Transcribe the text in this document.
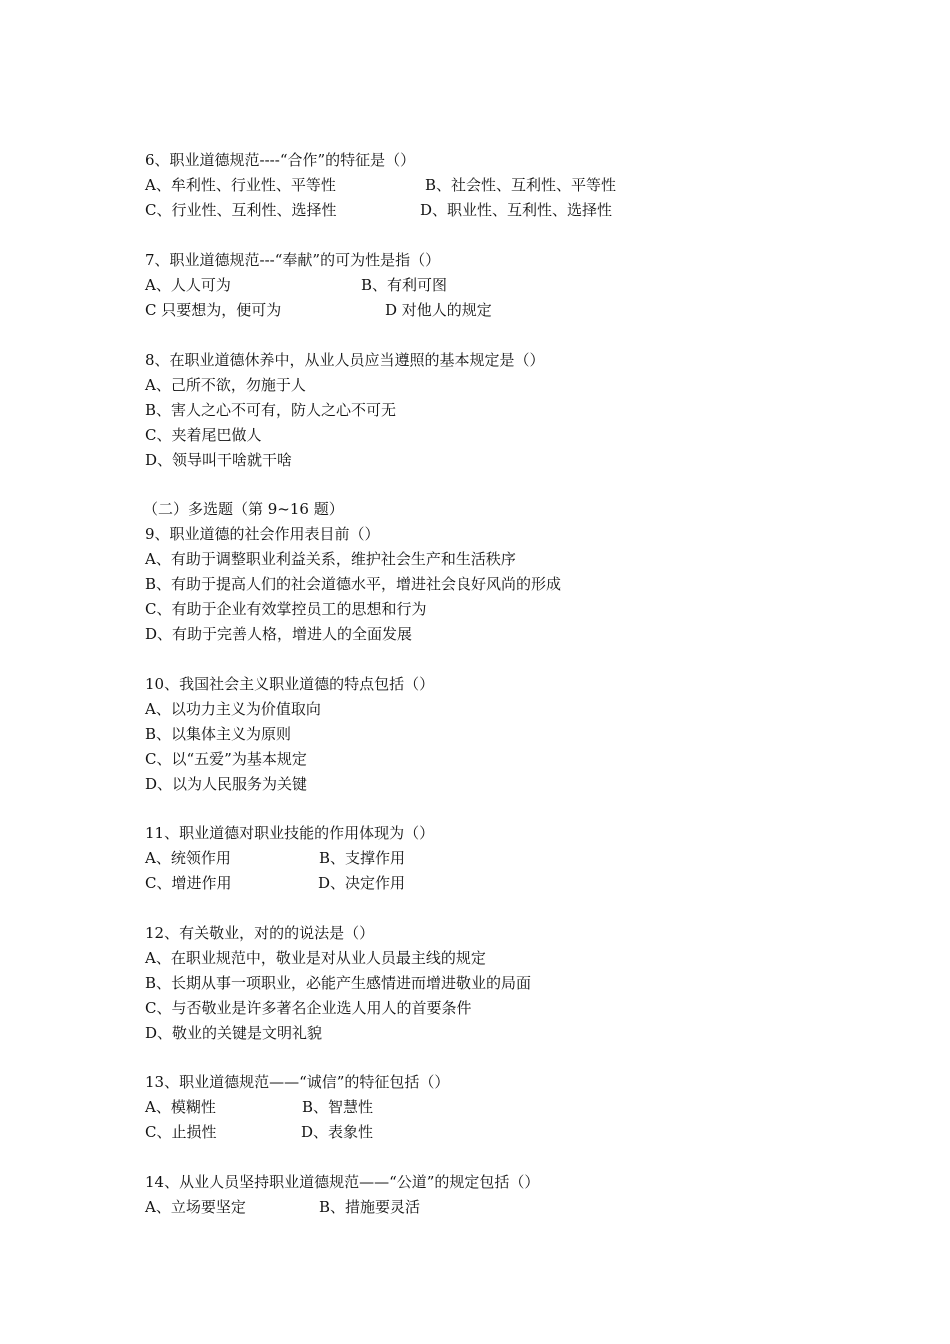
6、职业道德规范----“合作”的特征是（）
A、牟利性、行业性、平等性	B、社会性、互利性、平等性
C、行业性、互利性、选择性	D、职业性、互利性、选择性
7、职业道德规范---“奉献”的可为性是指（）
A、人人可为	B、有利可图
C 只要想为，便可为	D 对他人的规定
8、在职业道德休养中，从业人员应当遵照的基本规定是（）
A、己所不欲，勿施于人
B、害人之心不可有，防人之心不可无
C、夹着尾巴做人
D、领导叫干啥就干啥
（二）多选题（第 9~16 题）
9、职业道德的社会作用表目前（）
A、有助于调整职业利益关系，维护社会生产和生活秩序
B、有助于提高人们的社会道德水平，增进社会良好风尚的形成
C、有助于企业有效掌控员工的思想和行为
D、有助于完善人格，增进人的全面发展
10、我国社会主义职业道德的特点包括（）
A、以功力主义为价值取向
B、以集体主义为原则
C、以“五爱”为基本规定
D、以为人民服务为关键
11、职业道德对职业技能的作用体现为（）
A、统领作用	B、支撑作用
C、增进作用	D、决定作用
12、有关敬业，对的的说法是（）
A、在职业规范中，敬业是对从业人员最主线的规定
B、长期从事一项职业，必能产生感情进而增进敬业的局面
C、与否敬业是许多著名企业选人用人的首要条件
D、敬业的关键是文明礼貌
13、职业道德规范——“诚信”的特征包括（）
A、模糊性	B、智慧性
C、止损性	D、表象性
14、从业人员坚持职业道德规范——“公道”的规定包括（）
A、立场要坚定	B、措施要灵活
